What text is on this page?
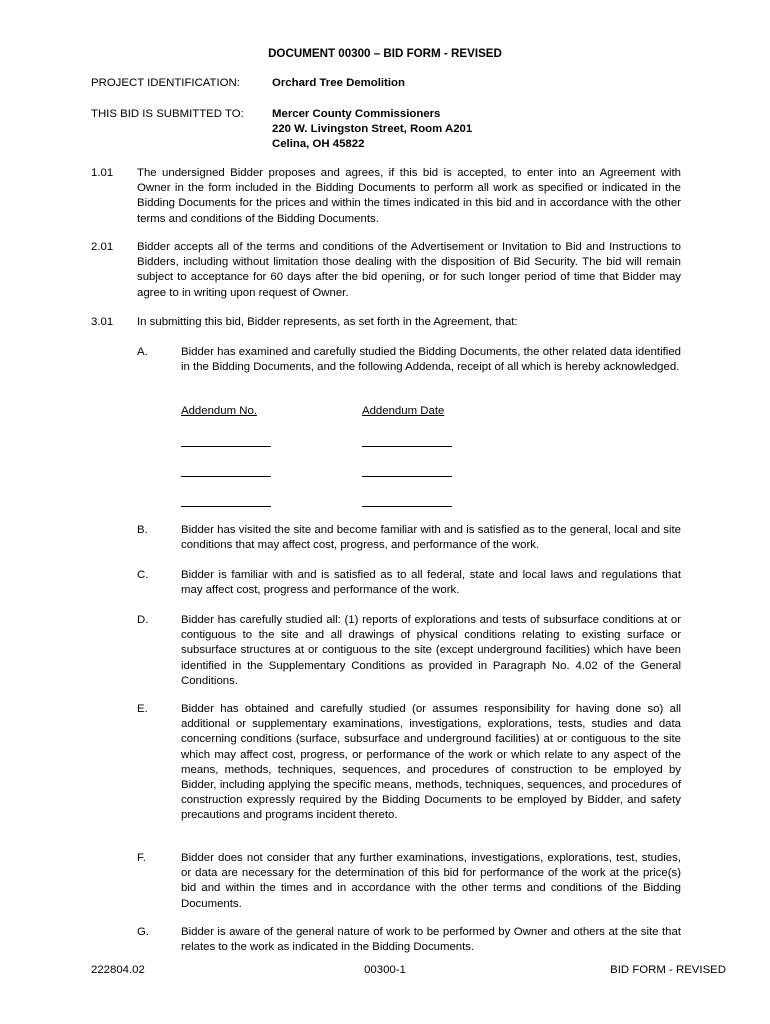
DOCUMENT 00300 – BID FORM - REVISED
PROJECT IDENTIFICATION:	Orchard Tree Demolition
THIS BID IS SUBMITTED TO: Mercer County Commissioners
220 W. Livingston Street, Room A201
Celina, OH 45822
1.01 The undersigned Bidder proposes and agrees, if this bid is accepted, to enter into an Agreement with Owner in the form included in the Bidding Documents to perform all work as specified or indicated in the Bidding Documents for the prices and within the times indicated in this bid and in accordance with the other terms and conditions of the Bidding Documents.
2.01 Bidder accepts all of the terms and conditions of the Advertisement or Invitation to Bid and Instructions to Bidders, including without limitation those dealing with the disposition of Bid Security. The bid will remain subject to acceptance for 60 days after the bid opening, or for such longer period of time that Bidder may agree to in writing upon request of Owner.
3.01 In submitting this bid, Bidder represents, as set forth in the Agreement, that:
A.	Bidder has examined and carefully studied the Bidding Documents, the other related data identified in the Bidding Documents, and the following Addenda, receipt of all which is hereby acknowledged.
Addendum No.	Addendum Date
B.	Bidder has visited the site and become familiar with and is satisfied as to the general, local and site conditions that may affect cost, progress, and performance of the work.
C.	Bidder is familiar with and is satisfied as to all federal, state and local laws and regulations that may affect cost, progress and performance of the work.
D.	Bidder has carefully studied all: (1) reports of explorations and tests of subsurface conditions at or contiguous to the site and all drawings of physical conditions relating to existing surface or subsurface structures at or contiguous to the site (except underground facilities) which have been identified in the Supplementary Conditions as provided in Paragraph No. 4.02 of the General Conditions.
E.	Bidder has obtained and carefully studied (or assumes responsibility for having done so) all additional or supplementary examinations, investigations, explorations, tests, studies and data concerning conditions (surface, subsurface and underground facilities) at or contiguous to the site which may affect cost, progress, or performance of the work or which relate to any aspect of the means, methods, techniques, sequences, and procedures of construction to be employed by Bidder, including applying the specific means, methods, techniques, sequences, and procedures of construction expressly required by the Bidding Documents to be employed by Bidder, and safety precautions and programs incident thereto.
F.	Bidder does not consider that any further examinations, investigations, explorations, test, studies, or data are necessary for the determination of this bid for performance of the work at the price(s) bid and within the times and in accordance with the other terms and conditions of the Bidding Documents.
G.	Bidder is aware of the general nature of work to be performed by Owner and others at the site that relates to the work as indicated in the Bidding Documents.
222804.02	00300-1	BID FORM - REVISED
